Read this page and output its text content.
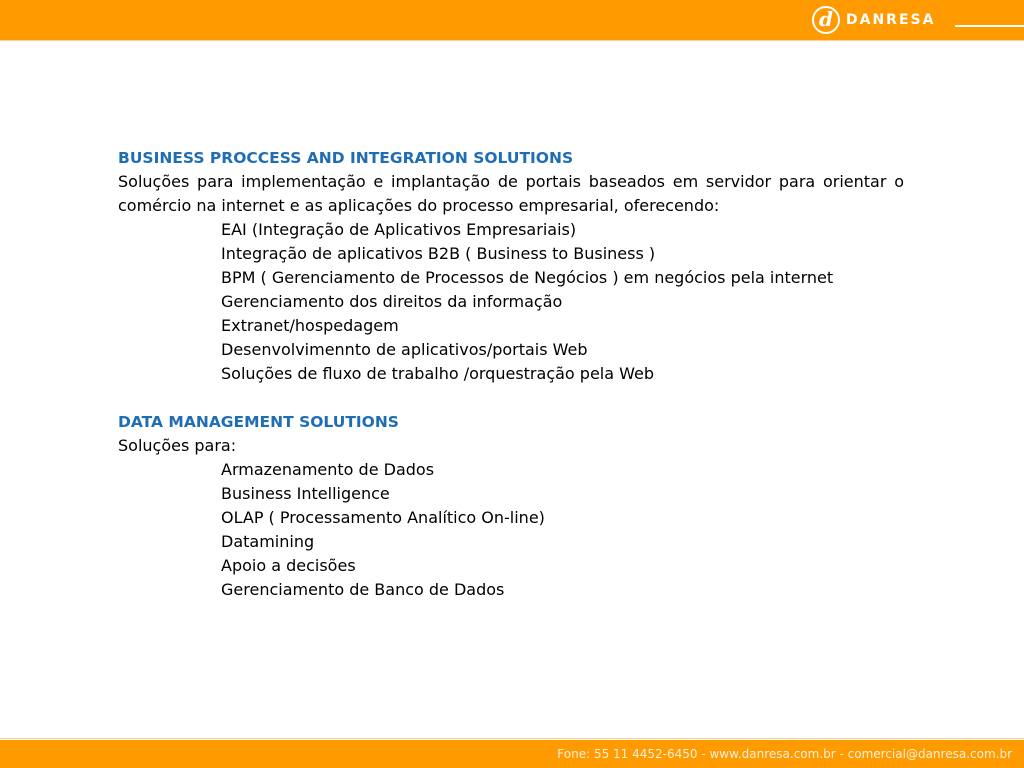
d DANRESA
BUSINESS PROCCESS AND INTEGRATION SOLUTIONS
Soluções para implementação e implantação de portais baseados em servidor para orientar o comércio na internet e as aplicações do processo empresarial, oferecendo:
EAI (Integração de Aplicativos Empresariais)
Integração de aplicativos B2B ( Business to Business )
BPM ( Gerenciamento de Processos de Negócios ) em negócios pela internet
Gerenciamento dos direitos da informação
Extranet/hospedagem
Desenvolvimennto de aplicativos/portais Web
Soluções de fluxo de trabalho /orquestração pela Web
DATA MANAGEMENT SOLUTIONS
Soluções para:
Armazenamento de Dados
Business Intelligence
OLAP ( Processamento Analítico On-line)
Datamining
Apoio a decisões
Gerenciamento de Banco de Dados
Fone: 55 11 4452-6450 - www.danresa.com.br - comercial@danresa.com.br
